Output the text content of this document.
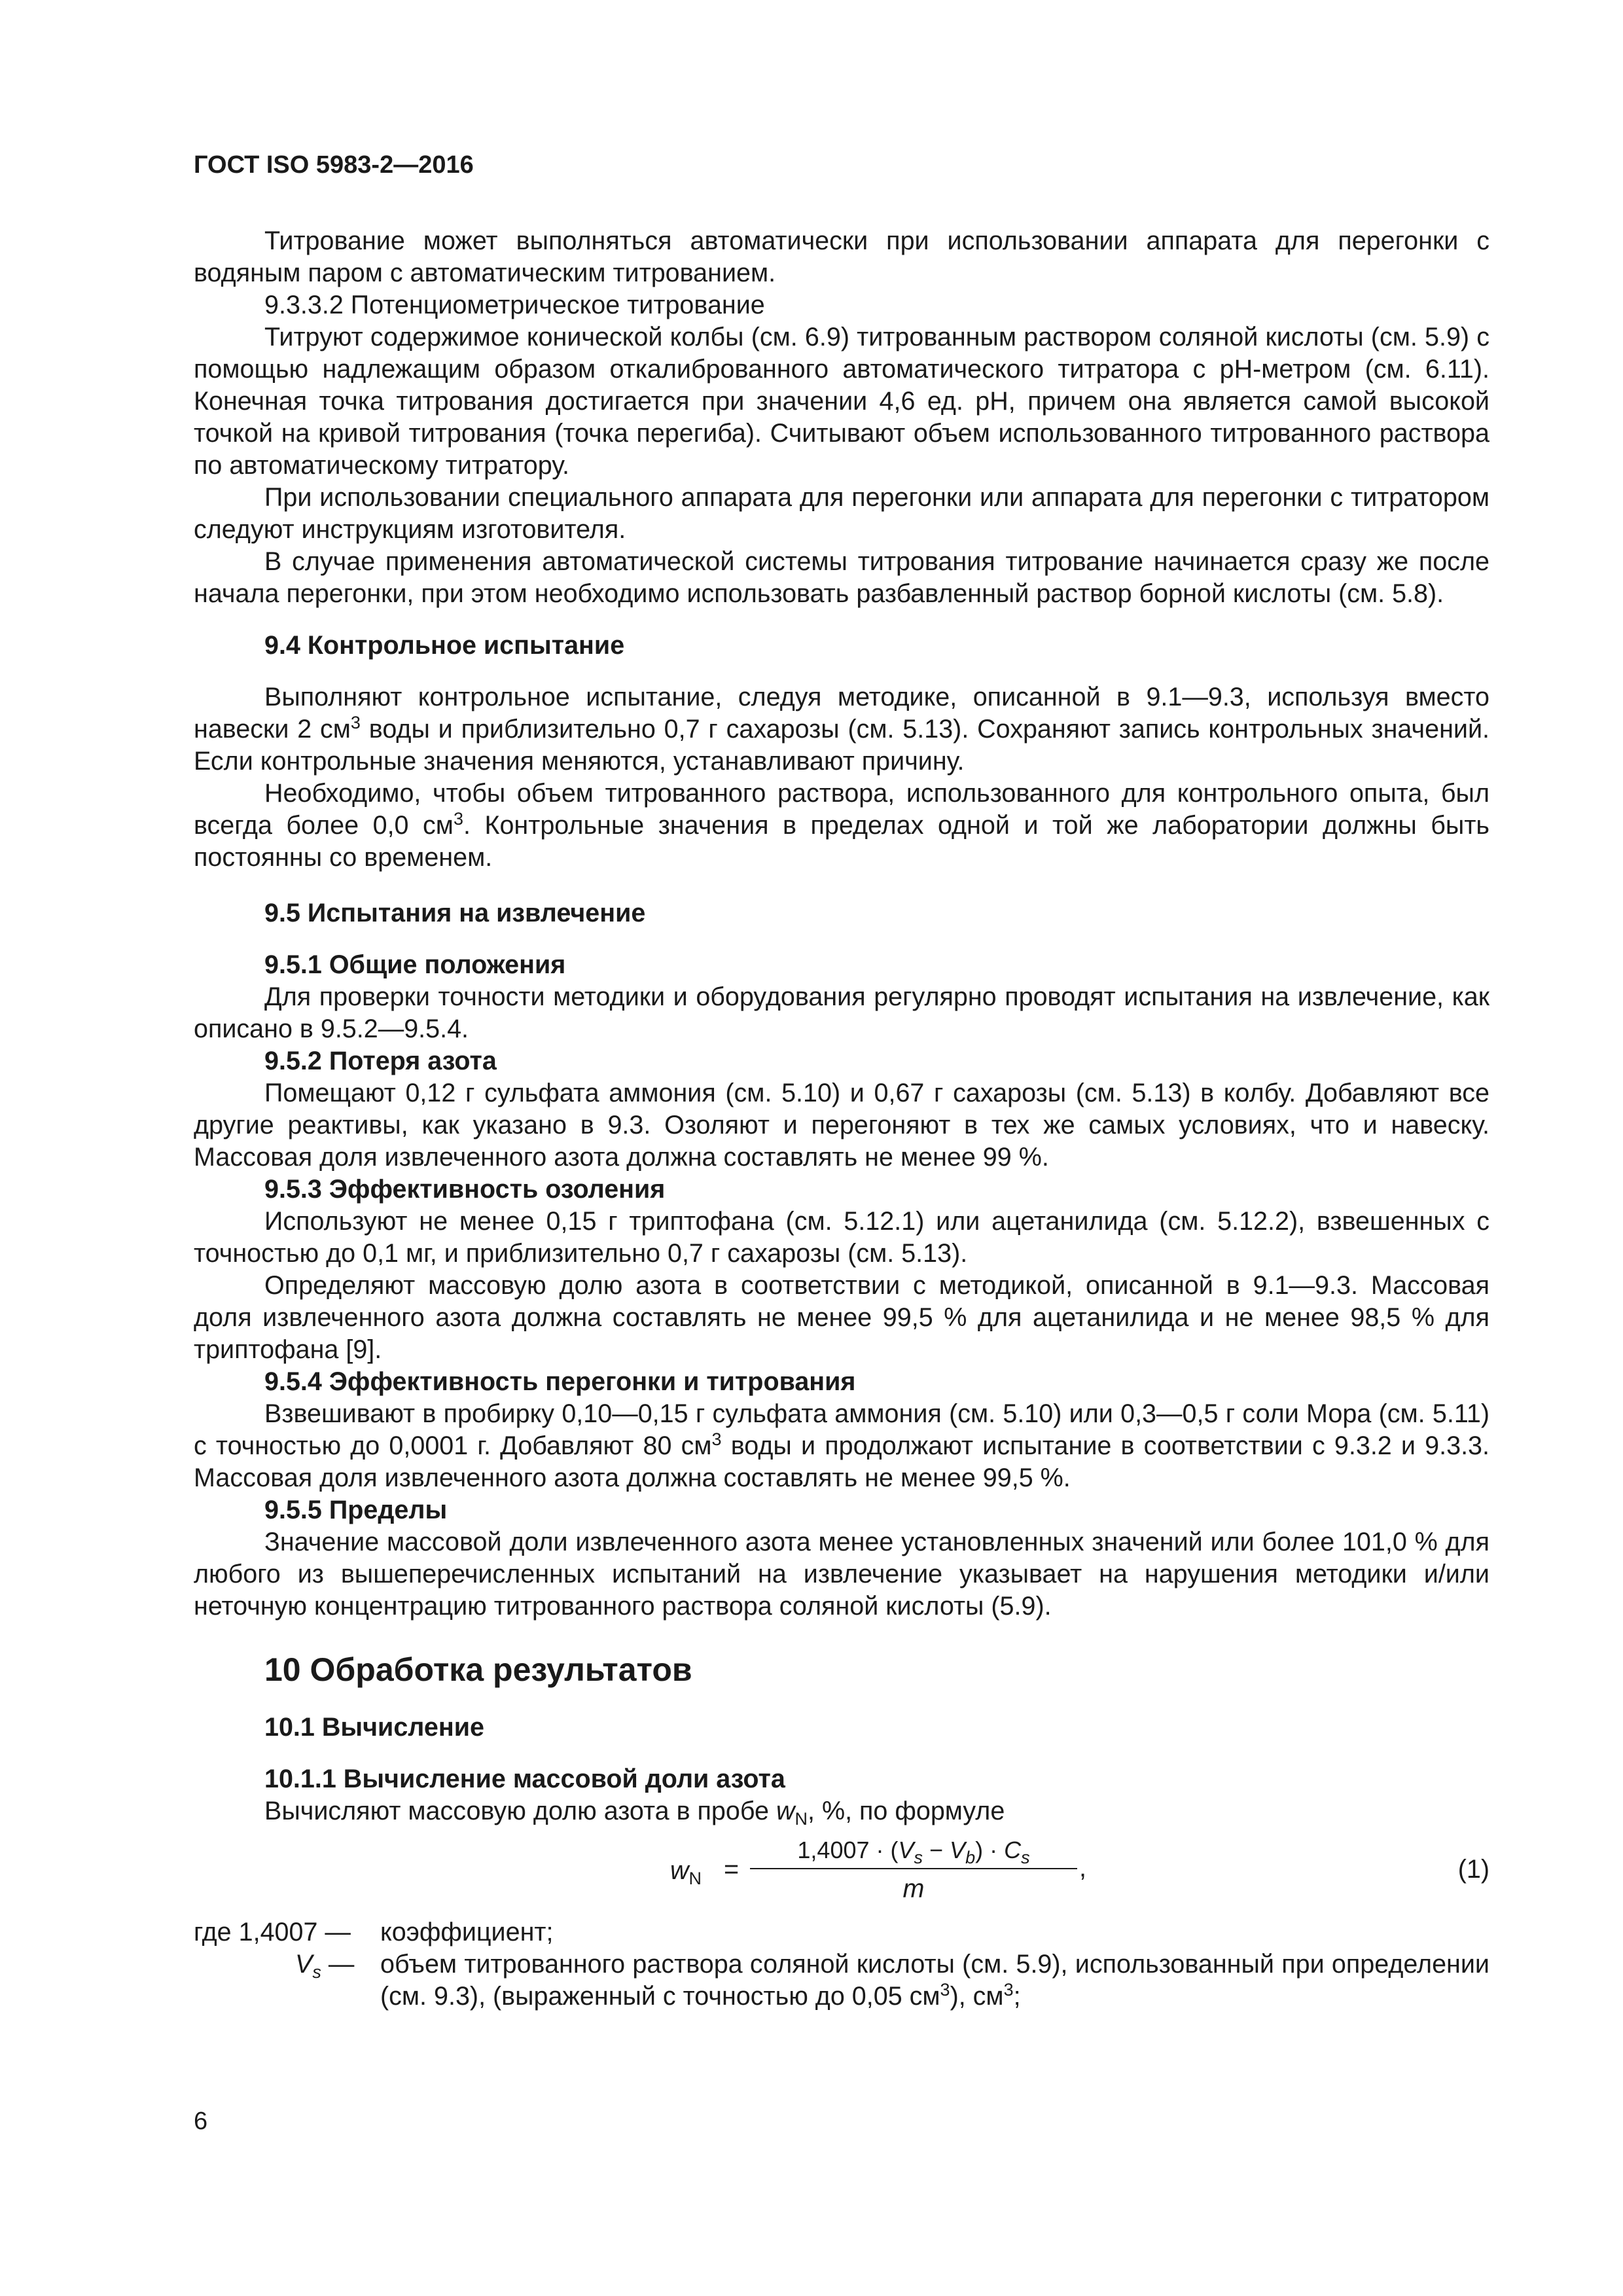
ГОСТ ISO 5983-2—2016

Титрование может выполняться автоматически при использовании аппарата для перегонки с водяным паром с автоматическим титрованием.

9.3.3.2 Потенциометрическое титрование

Титруют содержимое конической колбы (см. 6.9) титрованным раствором соляной кислоты (см. 5.9) с помощью надлежащим образом откалиброванного автоматического титратора с pH-метром (см. 6.11). Конечная точка титрования достигается при значении 4,6 ед. pH, причем она является самой высокой точкой на кривой титрования (точка перегиба). Считывают объем использованного титрованного раствора по автоматическому титратору.

При использовании специального аппарата для перегонки или аппарата для перегонки с титратором следуют инструкциям изготовителя.

В случае применения автоматической системы титрования титрование начинается сразу же после начала перегонки, при этом необходимо использовать разбавленный раствор борной кислоты (см. 5.8).

9.4 Контрольное испытание

Выполняют контрольное испытание, следуя методике, описанной в 9.1—9.3, используя вместо навески 2 $см^3$ воды и приблизительно 0,7 г сахарозы (см. 5.13). Сохраняют запись контрольных значений. Если контрольные значения меняются, устанавливают причину.

Необходимо, чтобы объем титрованного раствора, использованного для контрольного опыта, был всегда более 0,0 $см^3$. Контрольные значения в пределах одной и той же лаборатории должны быть постоянны со временем.

9.5 Испытания на извлечение

9.5.1 Общие положения

Для проверки точности методики и оборудования регулярно проводят испытания на извлечение, как описано в 9.5.2—9.5.4.

9.5.2 Потеря азота

Помещают 0,12 г сульфата аммония (см. 5.10) и 0,67 г сахарозы (см. 5.13) в колбу. Добавляют все другие реактивы, как указано в 9.3. Озоляют и перегоняют в тех же самых условиях, что и навеску. Массовая доля извлеченного азота должна составлять не менее 99 %.

9.5.3 Эффективность озоления

Используют не менее 0,15 г триптофана (см. 5.12.1) или ацетанилида (см. 5.12.2), взвешенных с точностью до 0,1 мг, и приблизительно 0,7 г сахарозы (см. 5.13).

Определяют массовую долю азота в соответствии с методикой, описанной в 9.1—9.3. Массовая доля извлеченного азота должна составлять не менее 99,5 % для ацетанилида и не менее 98,5 % для триптофана [9].

9.5.4 Эффективность перегонки и титрования

Взвешивают в пробирку 0,10—0,15 г сульфата аммония (см. 5.10) или 0,3—0,5 г соли Мора (см. 5.11) с точностью до 0,0001 г. Добавляют 80 $см^3$ воды и продолжают испытание в соответствии с 9.3.2 и 9.3.3. Массовая доля извлеченного азота должна составлять не менее 99,5 %.

9.5.5 Пределы

Значение массовой доли извлеченного азота менее установленных значений или более 101,0 % для любого из вышеперечисленных испытаний на извлечение указывает на нарушения методики и/или неточную концентрацию титрованного раствора соляной кислоты (5.9).

10 Обработка результатов

10.1 Вычисление

10.1.1 Вычисление массовой доли азота

Вычисляют массовую долю азота в пробе $w_N$, %, по формуле

$w_N$ =
$1,4007 \cdot (V_s - V_b) \cdot C_s$
m
,	(1)
где 1,4007 — коэффициент;
$V_s$ — объем титрованного раствора соляной кислоты (см. 5.9), использованный при определении (см. 9.3), (выраженный с точностью до 0,05 $см^3$), $см^3$;

6
